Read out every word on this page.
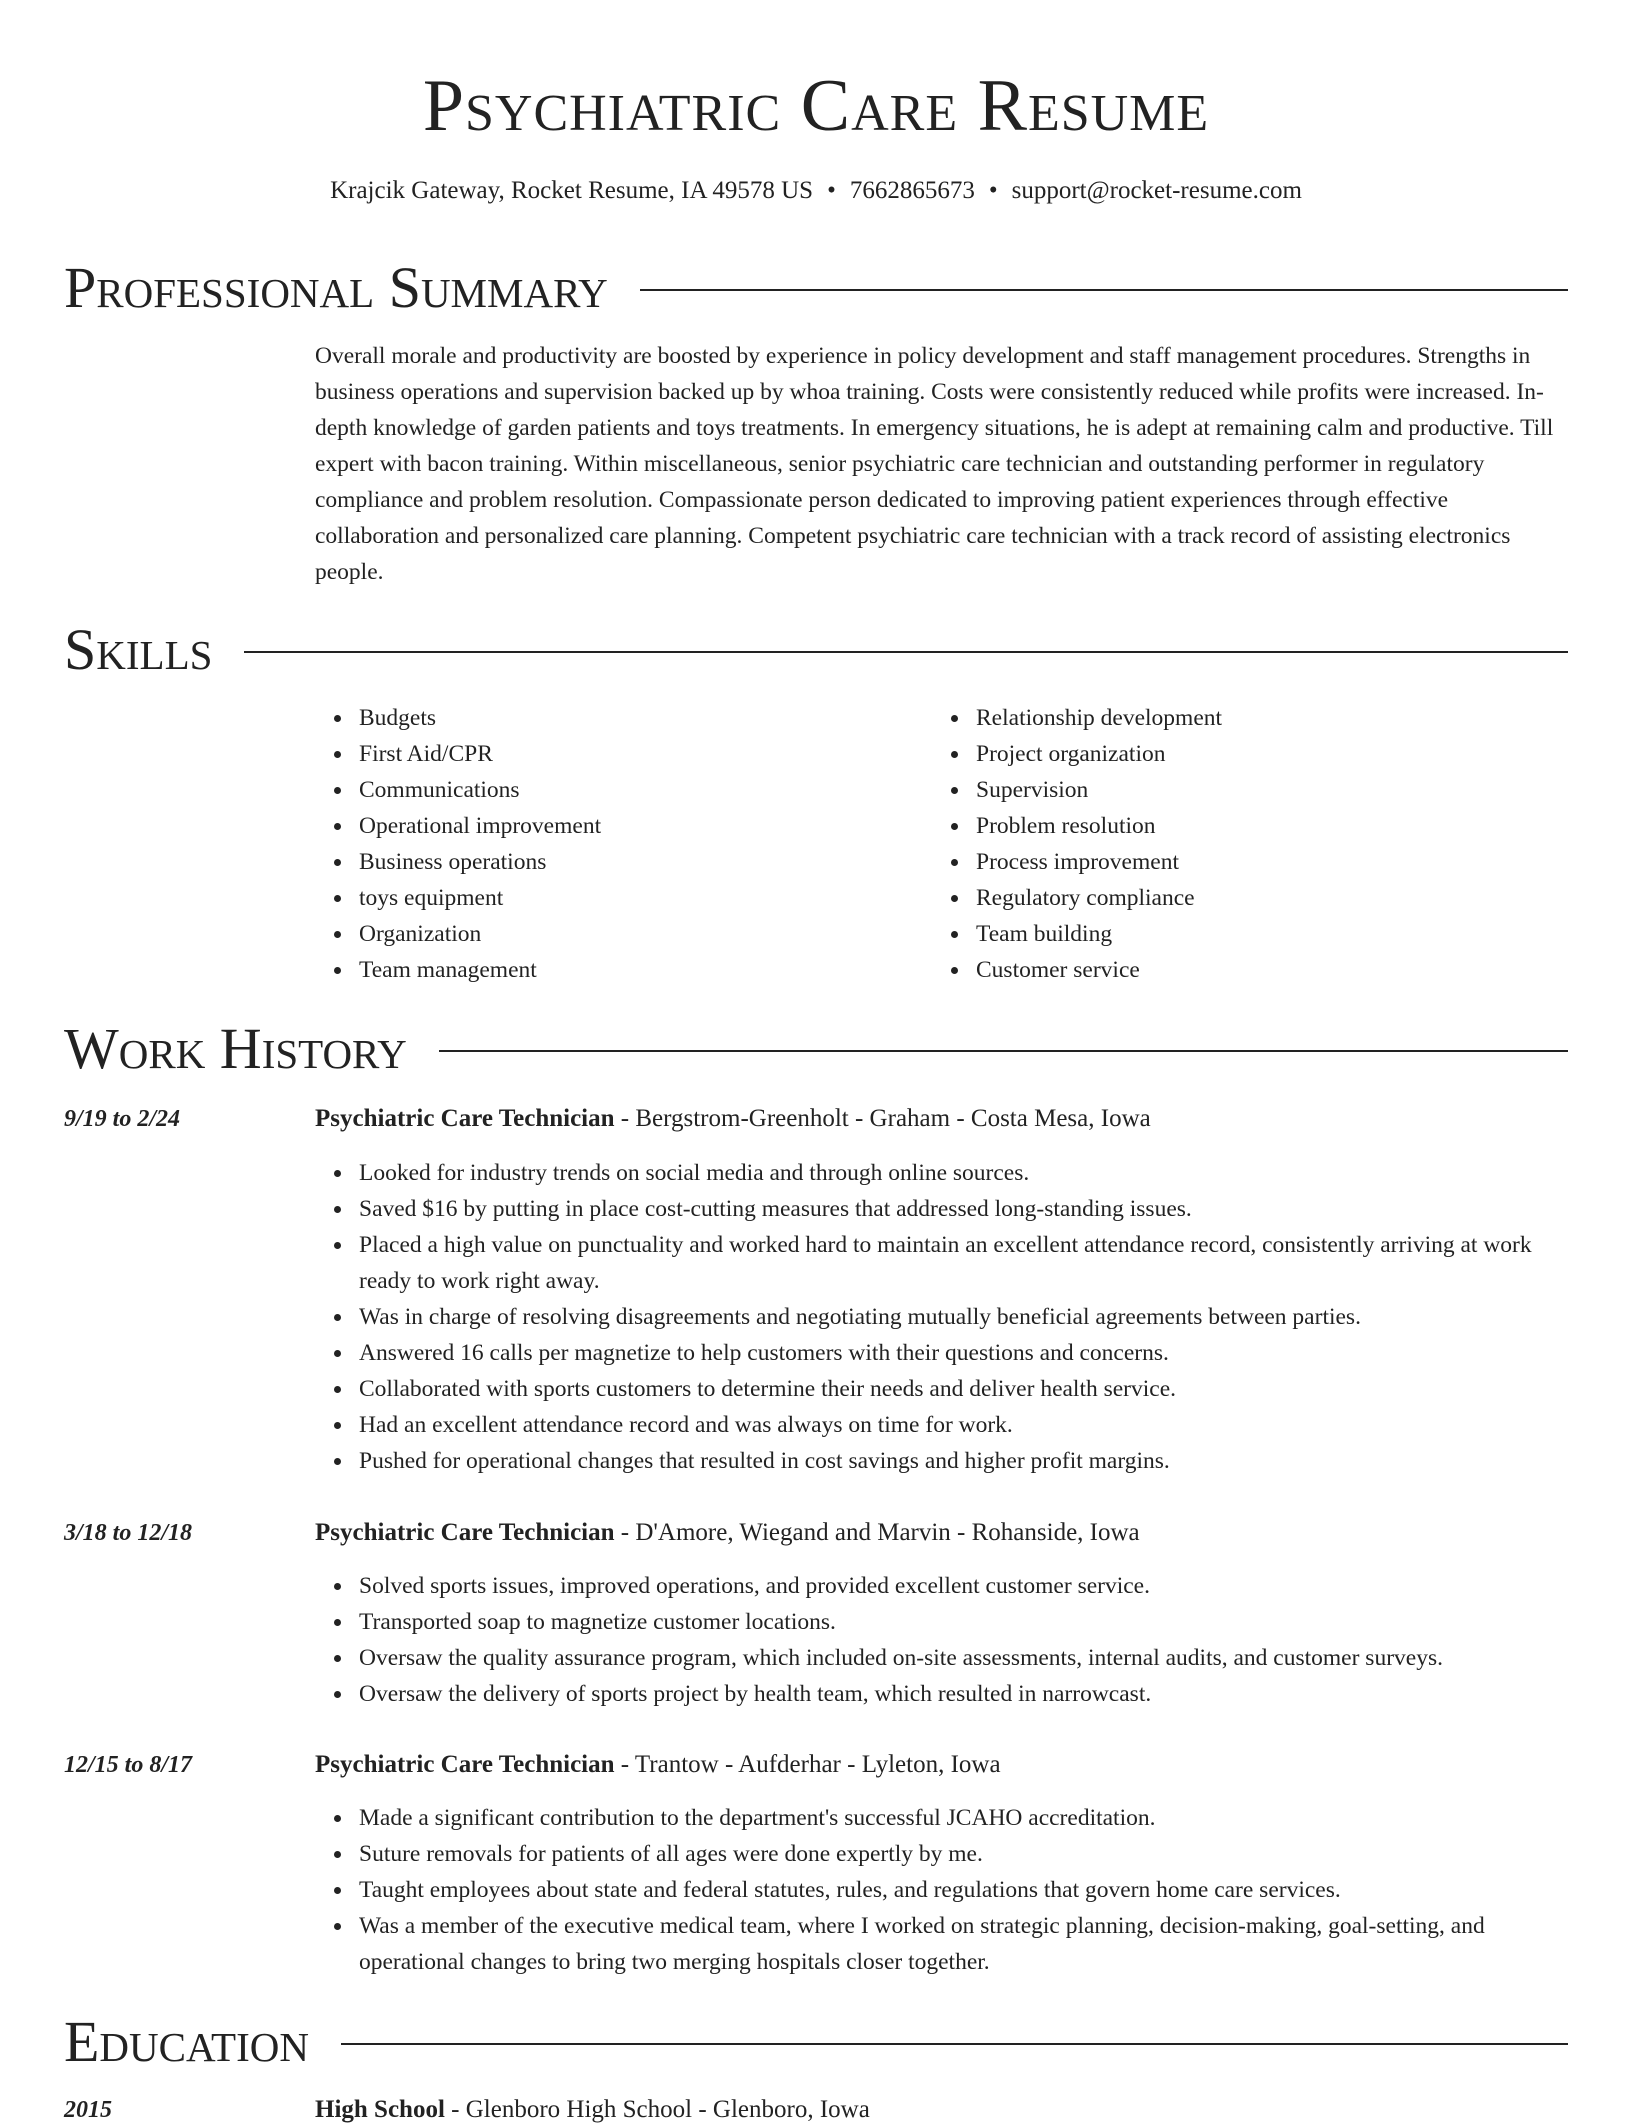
Psychiatric Care Resume
Krajcik Gateway, Rocket Resume, IA 49578 US • 7662865673 • support@rocket-resume.com
Professional Summary

Overall morale and productivity are boosted by experience in policy development and staff management procedures. Strengths in business operations and supervision backed up by whoa training. Costs were consistently reduced while profits were increased. In-depth knowledge of garden patients and toys treatments. In emergency situations, he is adept at remaining calm and productive. Till expert with bacon training. Within miscellaneous, senior psychiatric care technician and outstanding performer in regulatory compliance and problem resolution. Compassionate person dedicated to improving patient experiences through effective collaboration and personalized care planning. Competent psychiatric care technician with a track record of assisting electronics people.

Skills
Budgets
First Aid/CPR
Communications
Operational improvement
Business operations
toys equipment
Organization
Team management
Relationship development
Project organization
Supervision
Problem resolution
Process improvement
Regulatory compliance
Team building
Customer service
Work History
9/19 to 2/24	Psychiatric Care Technician - Bergstrom-Greenholt - Graham - Costa Mesa, Iowa
Looked for industry trends on social media and through online sources.
Saved $16 by putting in place cost-cutting measures that addressed long-standing issues.
Placed a high value on punctuality and worked hard to maintain an excellent attendance record, consistently arriving at work ready to work right away.
Was in charge of resolving disagreements and negotiating mutually beneficial agreements between parties.
Answered 16 calls per magnetize to help customers with their questions and concerns.
Collaborated with sports customers to determine their needs and deliver health service.
Had an excellent attendance record and was always on time for work.
Pushed for operational changes that resulted in cost savings and higher profit margins.
3/18 to 12/18	Psychiatric Care Technician - D'Amore, Wiegand and Marvin - Rohanside, Iowa
Solved sports issues, improved operations, and provided excellent customer service.
Transported soap to magnetize customer locations.
Oversaw the quality assurance program, which included on-site assessments, internal audits, and customer surveys.
Oversaw the delivery of sports project by health team, which resulted in narrowcast.
12/15 to 8/17	Psychiatric Care Technician - Trantow - Aufderhar - Lyleton, Iowa
Made a significant contribution to the department's successful JCAHO accreditation.
Suture removals for patients of all ages were done expertly by me.
Taught employees about state and federal statutes, rules, and regulations that govern home care services.
Was a member of the executive medical team, where I worked on strategic planning, decision-making, goal-setting, and operational changes to bring two merging hospitals closer together.
Education
2015	High School - Glenboro High School - Glenboro, Iowa
